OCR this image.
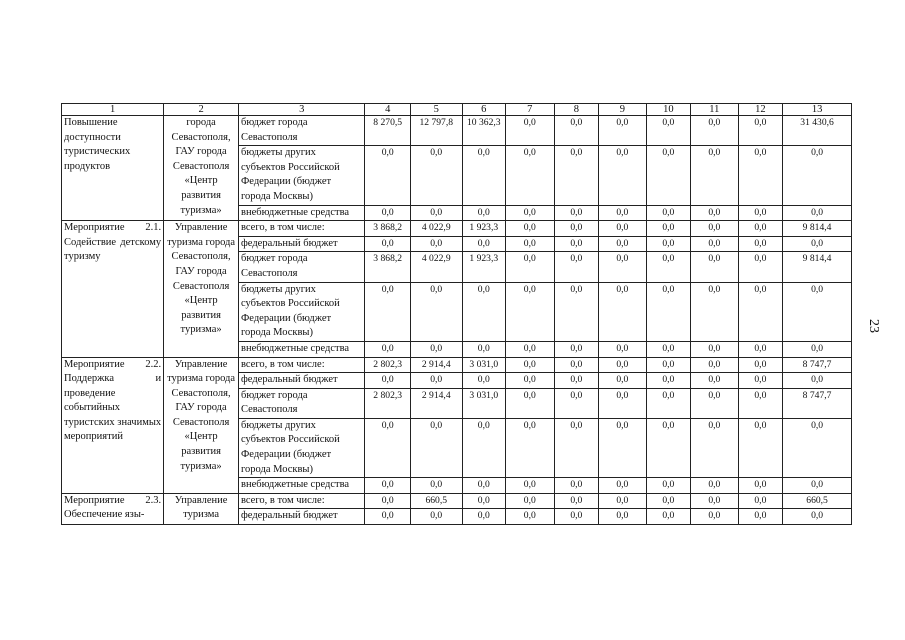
1	2	3	4	5	6	7	8	9	10	11	12	13
Повышение доступности туристических продуктов	города Севастополя, ГАУ города Севастополя «Центр развития туризма»	бюджет города Севастополя	8 270,5	12 797,8	10 362,3	0,0	0,0	0,0	0,0	0,0	0,0	31 430,6
		бюджеты других субъектов Российской Федерации (бюджет города Москвы)	0,0	0,0	0,0	0,0	0,0	0,0	0,0	0,0	0,0	0,0
		внебюджетные средства	0,0	0,0	0,0	0,0	0,0	0,0	0,0	0,0	0,0	0,0
Мероприятие 2.1. Содействие детскому туризму	Управление туризма города Севастополя, ГАУ города Севастополя «Центр развития туризма»	всего, в том числе:	3 868,2	4 022,9	1 923,3	0,0	0,0	0,0	0,0	0,0	0,0	9 814,4
		федеральный бюджет	0,0	0,0	0,0	0,0	0,0	0,0	0,0	0,0	0,0	0,0
		бюджет города Севастополя	3 868,2	4 022,9	1 923,3	0,0	0,0	0,0	0,0	0,0	0,0	9 814,4
		бюджеты других субъектов Российской Федерации (бюджет города Москвы)	0,0	0,0	0,0	0,0	0,0	0,0	0,0	0,0	0,0	0,0
		внебюджетные средства	0,0	0,0	0,0	0,0	0,0	0,0	0,0	0,0	0,0	0,0
Мероприятие 2.2. Поддержка и проведение событийных туристских значимых мероприятий	Управление туризма города Севастополя, ГАУ города Севастополя «Центр развития туризма»	всего, в том числе:	2 802,3	2 914,4	3 031,0	0,0	0,0	0,0	0,0	0,0	0,0	8 747,7
		федеральный бюджет	0,0	0,0	0,0	0,0	0,0	0,0	0,0	0,0	0,0	0,0
		бюджет города Севастополя	2 802,3	2 914,4	3 031,0	0,0	0,0	0,0	0,0	0,0	0,0	8 747,7
		бюджеты других субъектов Российской Федерации (бюджет города Москвы)	0,0	0,0	0,0	0,0	0,0	0,0	0,0	0,0	0,0	0,0
		внебюджетные средства	0,0	0,0	0,0	0,0	0,0	0,0	0,0	0,0	0,0	0,0
Мероприятие 2.3. Обеспечение язы-	Управление туризма	всего, в том числе:	0,0	660,5	0,0	0,0	0,0	0,0	0,0	0,0	0,0	660,5
		федеральный бюджет	0,0	0,0	0,0	0,0	0,0	0,0	0,0	0,0	0,0	0,0
23
